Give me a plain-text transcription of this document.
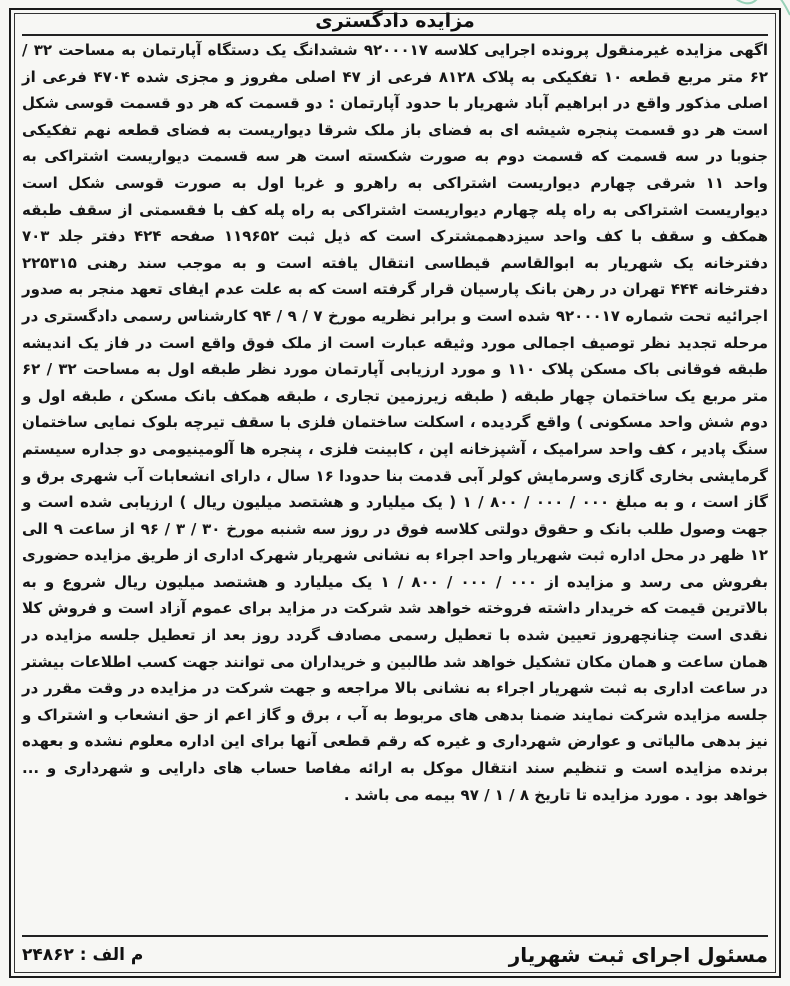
مزایده دادگستری
اگهی مزایده غیرمنقول پرونده اجرایی کلاسه ۹۲۰۰۰۱۷ ششدانگ یک دستگاه آپارتمان به مساحت ۳۲ / ۶۲ متر مربع قطعه ۱۰ تفکیکی به پلاک ۸۱۲۸ فرعی از ۴۷ اصلی مفروز و مجزی شده ۴۷۰۴ فرعی از اصلی مذکور واقع در ابراهیم آباد شهریار با حدود آپارتمان : دو قسمت که هر دو قسمت قوسی شکل است هر دو قسمت پنجره شیشه ای به فضای باز ملک شرقا دیواریست به فضای قطعه نهم تفکیکی جنوبا در سه قسمت که قسمت دوم به صورت شکسته است هر سه قسمت دیواریست اشتراکی به واحد ۱۱ شرقی چهارم دیواریست اشتراکی به راهرو و غربا اول به صورت قوسی شکل است دیواریست اشتراکی به راه پله چهارم دیواریست اشتراکی به راه پله کف با فقسمتی از سقف طبقه همکف و سقف با کف واحد سیزدهممشترک است که ذیل ثبت ۱۱۹۶۵۲ صفحه ۴۲۴ دفتر جلد ۷۰۳ دفترخانه یک شهریار به ابوالقاسم قیطاسی انتقال یافته است و به موجب سند رهنی ۲۲۵۳۱۵ دفترخانه ۴۴۴ تهران در رهن بانک پارسیان قرار گرفته است که به علت عدم ایفای تعهد منجر به صدور اجرائیه تحت شماره ۹۲۰۰۰۱۷ شده است و برابر نظریه مورخ ۷ / ۹ / ۹۴ کارشناس رسمی دادگستری در مرحله تجدید نظر توصیف اجمالی مورد وثیقه عبارت است از ملک فوق واقع است در فاز یک اندیشه طبقه فوقانی باک مسکن پلاک ۱۱۰ و مورد ارزیابی آپارتمان مورد نظر طبقه اول به مساحت ۳۲ / ۶۲ متر مربع یک ساختمان چهار طبقه ( طبقه زیرزمین تجاری ، طبقه همکف بانک مسکن ، طبقه اول و دوم شش واحد مسکونی ) واقع گردیده ، اسکلت ساختمان فلزی با سقف تیرچه بلوک نمایی ساختمان سنگ پادیر ، کف واحد سرامیک ، آشپزخانه اپن ، کابینت فلزی ، پنجره ها آلومینیومی دو جداره سیستم گرمایشی بخاری گازی وسرمایش کولر آبی قدمت بنا حدودا ۱۶ سال ، دارای انشعابات آب شهری برق و گاز است ، و به مبلغ ۰۰۰ / ۰۰۰ / ۸۰۰ / ۱ ( یک میلیارد و هشتصد میلیون ریال ) ارزیابی شده است و جهت وصول طلب بانک و حقوق دولتی کلاسه فوق در روز سه شنبه مورخ ۳۰ / ۳ / ۹۶ از ساعت ۹ الی ۱۲ ظهر در محل اداره ثبت شهریار واحد اجراء به نشانی شهریار شهرک اداری از طریق مزایده حضوری بفروش می رسد و مزایده از ۰۰۰ / ۰۰۰ / ۸۰۰ / ۱ یک میلیارد و هشتصد میلیون ریال شروع و به بالاترین قیمت که خریدار داشته فروخته خواهد شد شرکت در مزاید برای عموم آزاد است و فروش کلا نقدی است چنانچهروز تعیین شده با تعطیل رسمی مصادف گردد روز بعد از تعطیل جلسه مزایده در همان ساعت و همان مکان تشکیل خواهد شد طالبین و خریداران می توانند جهت کسب اطلاعات بیشتر در ساعت اداری به ثبت شهریار اجراء به نشانی بالا مراجعه و جهت شرکت در مزایده در وقت مقرر در جلسه مزایده شرکت نمایند ضمنا بدهی های مربوط به آب ، برق و گاز اعم از حق انشعاب و اشتراک و نیز بدهی مالیاتی و عوارض شهرداری و غیره که رقم قطعی آنها برای این اداره معلوم نشده و بعهده برنده مزایده است و تنظیم سند انتقال موکل به ارائه مفاصا حساب های دارایی و شهرداری و ... خواهد بود . مورد مزایده تا تاریخ ۸ / ۱ / ۹۷ بیمه می باشد .
مسئول اجرای ثبت شهریار
م الف : ۲۴۸۶۲
